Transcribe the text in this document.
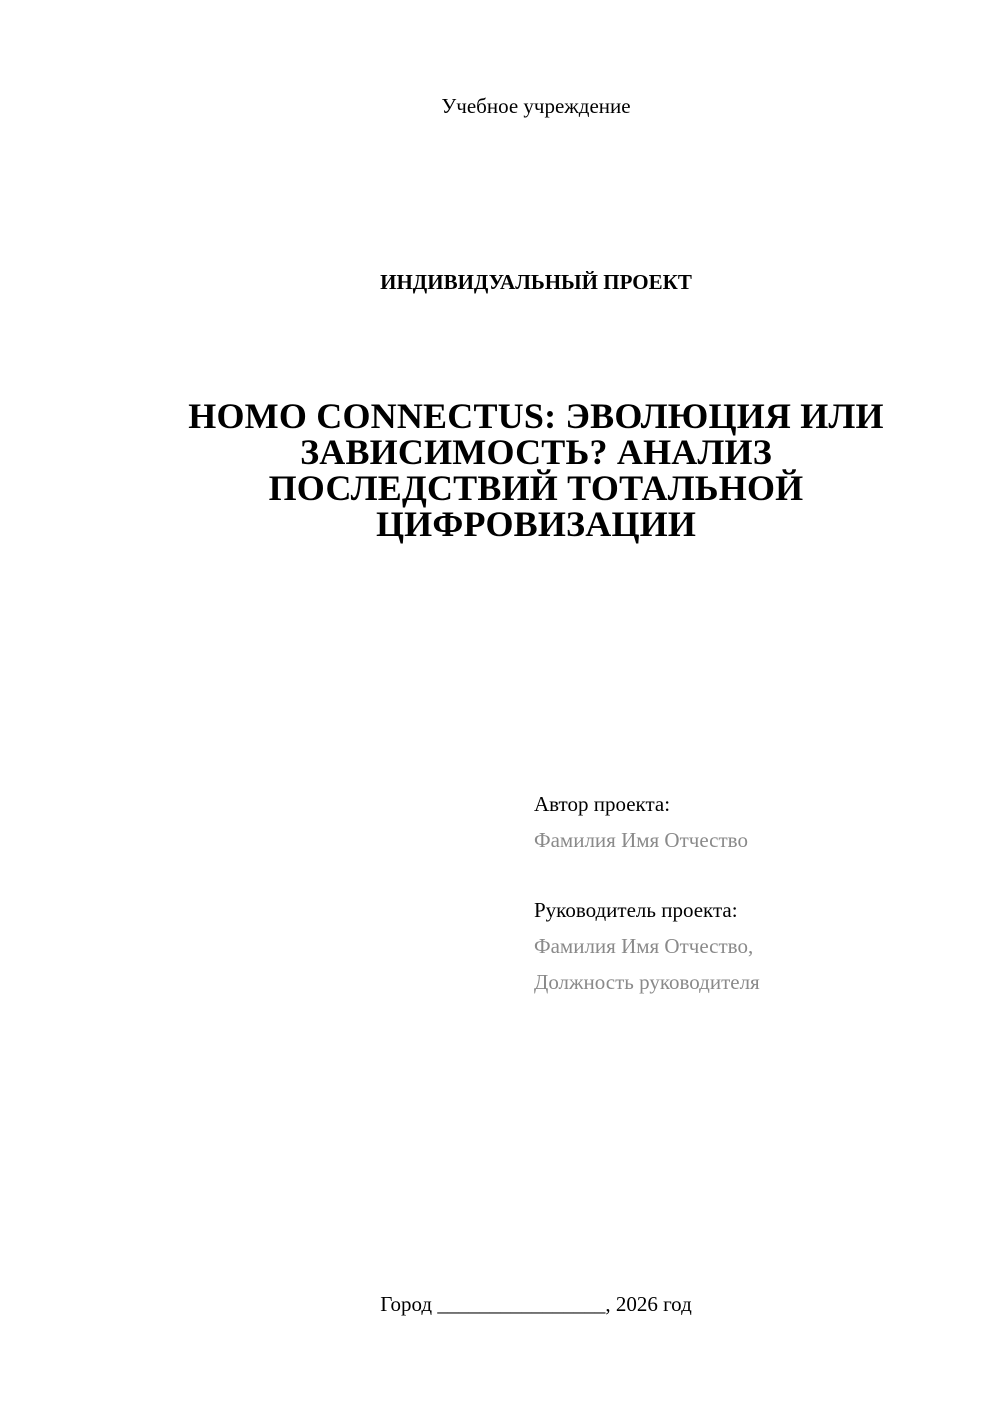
Учебное учреждение
ИНДИВИДУАЛЬНЫЙ ПРОЕКТ
HOMO CONNECTUS: ЭВОЛЮЦИЯ ИЛИ
ЗАВИСИМОСТЬ? АНАЛИЗ
ПОСЛЕДСТВИЙ ТОТАЛЬНОЙ
ЦИФРОВИЗАЦИИ
Автор проекта:
Фамилия Имя Отчество
Руководитель проекта:
Фамилия Имя Отчество,
Должность руководителя
Город ________________, 2026 год
